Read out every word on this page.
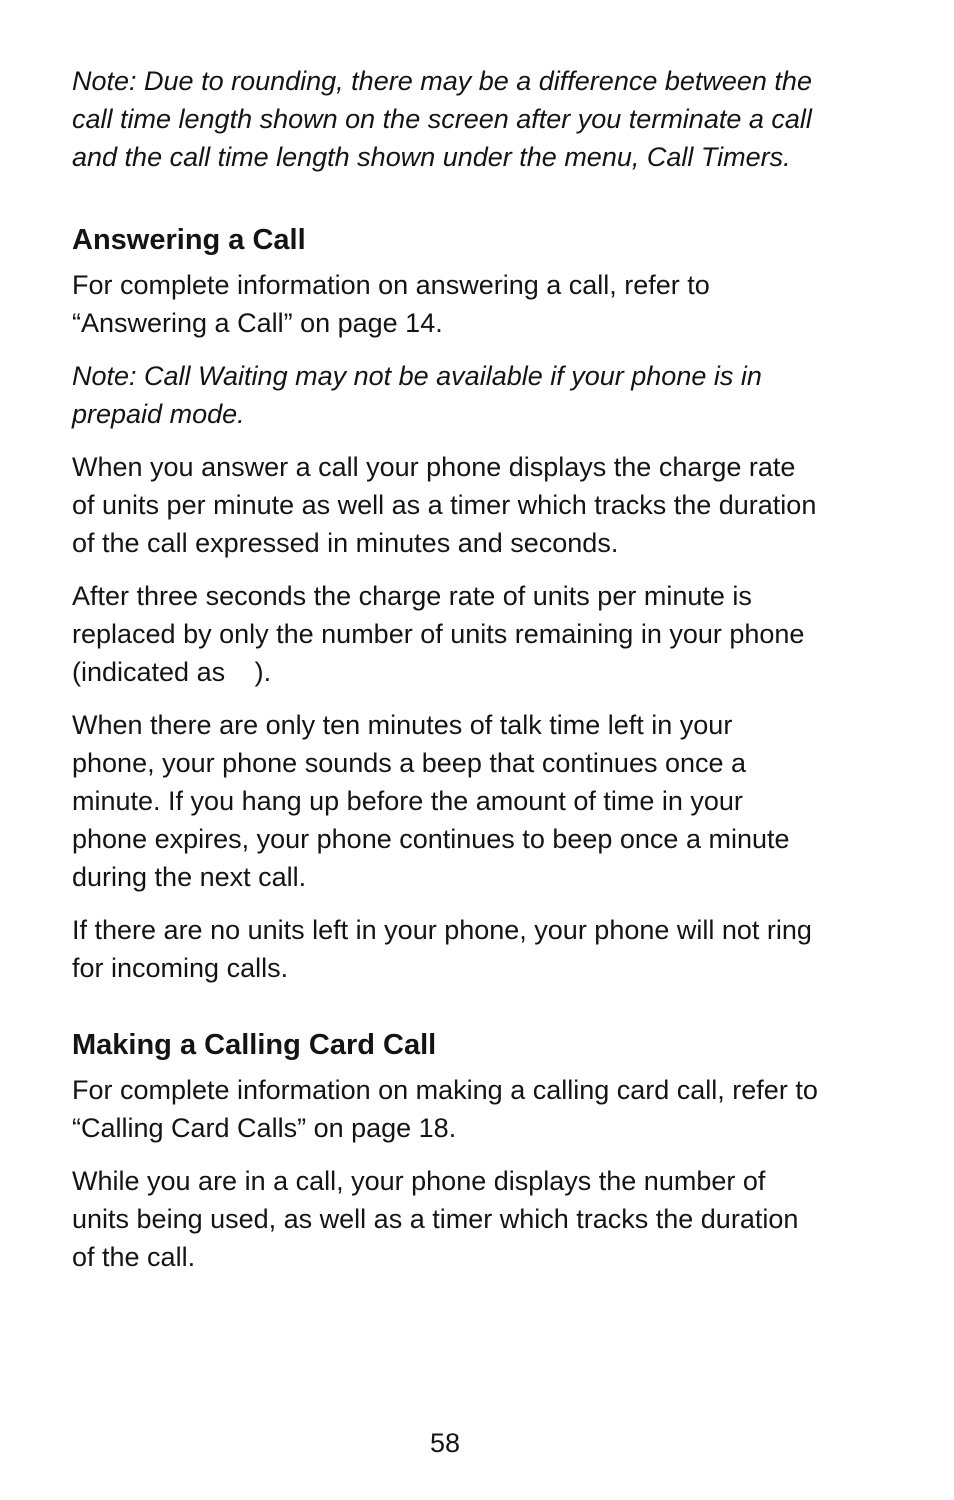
Note: Due to rounding, there may be a difference between the call time length shown on the screen after you terminate a call and the call time length shown under the menu, Call Timers.

Answering a Call

For complete information on answering a call, refer to “Answering a Call” on page 14.

Note: Call Waiting may not be available if your phone is in prepaid mode.

When you answer a call your phone displays the charge rate of units per minute as well as a timer which tracks the duration of the call expressed in minutes and seconds.

After three seconds the charge rate of units per minute is replaced by only the number of units remaining in your phone (indicated as ).

When there are only ten minutes of talk time left in your phone, your phone sounds a beep that continues once a minute. If you hang up before the amount of time in your phone expires, your phone continues to beep once a minute during the next call.

If there are no units left in your phone, your phone will not ring for incoming calls.

Making a Calling Card Call

For complete information on making a calling card call, refer to “Calling Card Calls” on page 18.

While you are in a call, your phone displays the number of units being used, as well as a timer which tracks the duration of the call.

58
